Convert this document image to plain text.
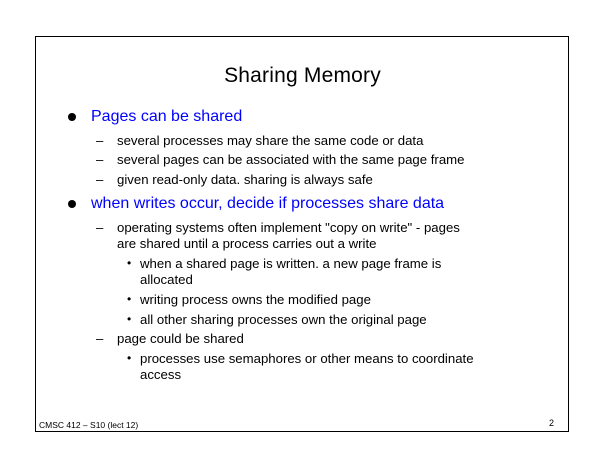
Sharing Memory
Pages can be shared
– several processes may share the same code or data
– several pages can be associated with the same page frame
– given read-only data. sharing is always safe
when writes occur, decide if processes share data
– operating systems often implement "copy on write" - pages
are shared until a process carries out a write
• when a shared page is written. a new page frame is
allocated
• writing process owns the modified page
• all other sharing processes own the original page
– page could be shared
• processes use semaphores or other means to coordinate
access
CMSC 412 – S10 (lect 12)	2
